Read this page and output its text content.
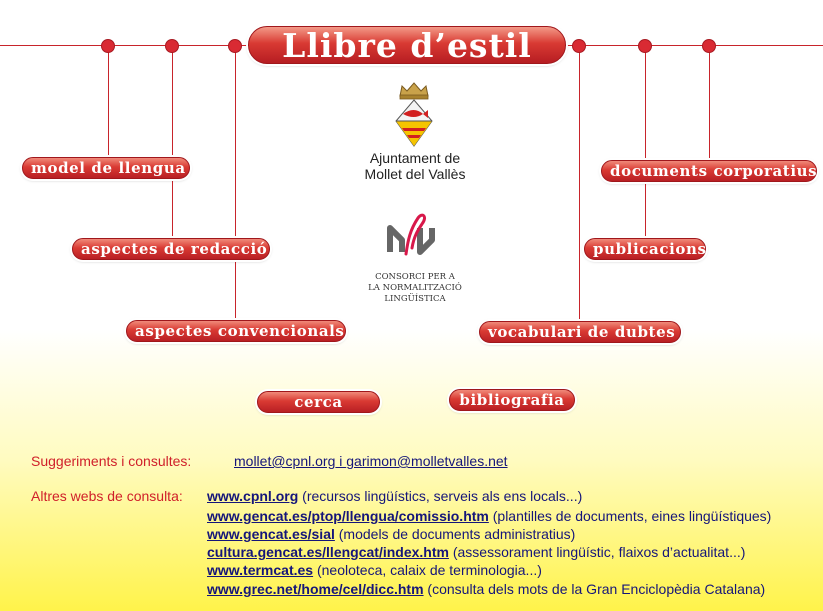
Llibre d’estil
Ajuntament de
Mollet del Vallès
CONSORCI PER A
LA NORMALITZACIÓ
LINGÜÍSTICA
model de llengua
aspectes de redacció
aspectes convencionals
documents corporatius
publicacions
vocabulari de dubtes
cerca	bibliografia
Suggeriments i consultes:	mollet@cpnl.org i garimon@molletvalles.net
Altres webs de consulta: www.cpnl.org (recursos lingüístics, serveis als ens locals...)
www.gencat.es/ptop/llengua/comissio.htm (plantilles de documents, eines lingüístiques)
www.gencat.es/sial (models de documents administratius)
cultura.gencat.es/llengcat/index.htm (assessorament lingüístic, flaixos d’actualitat...)
www.termcat.es (neoloteca, calaix de terminologia...)
www.grec.net/home/cel/dicc.htm (consulta dels mots de la Gran Enciclopèdia Catalana)
